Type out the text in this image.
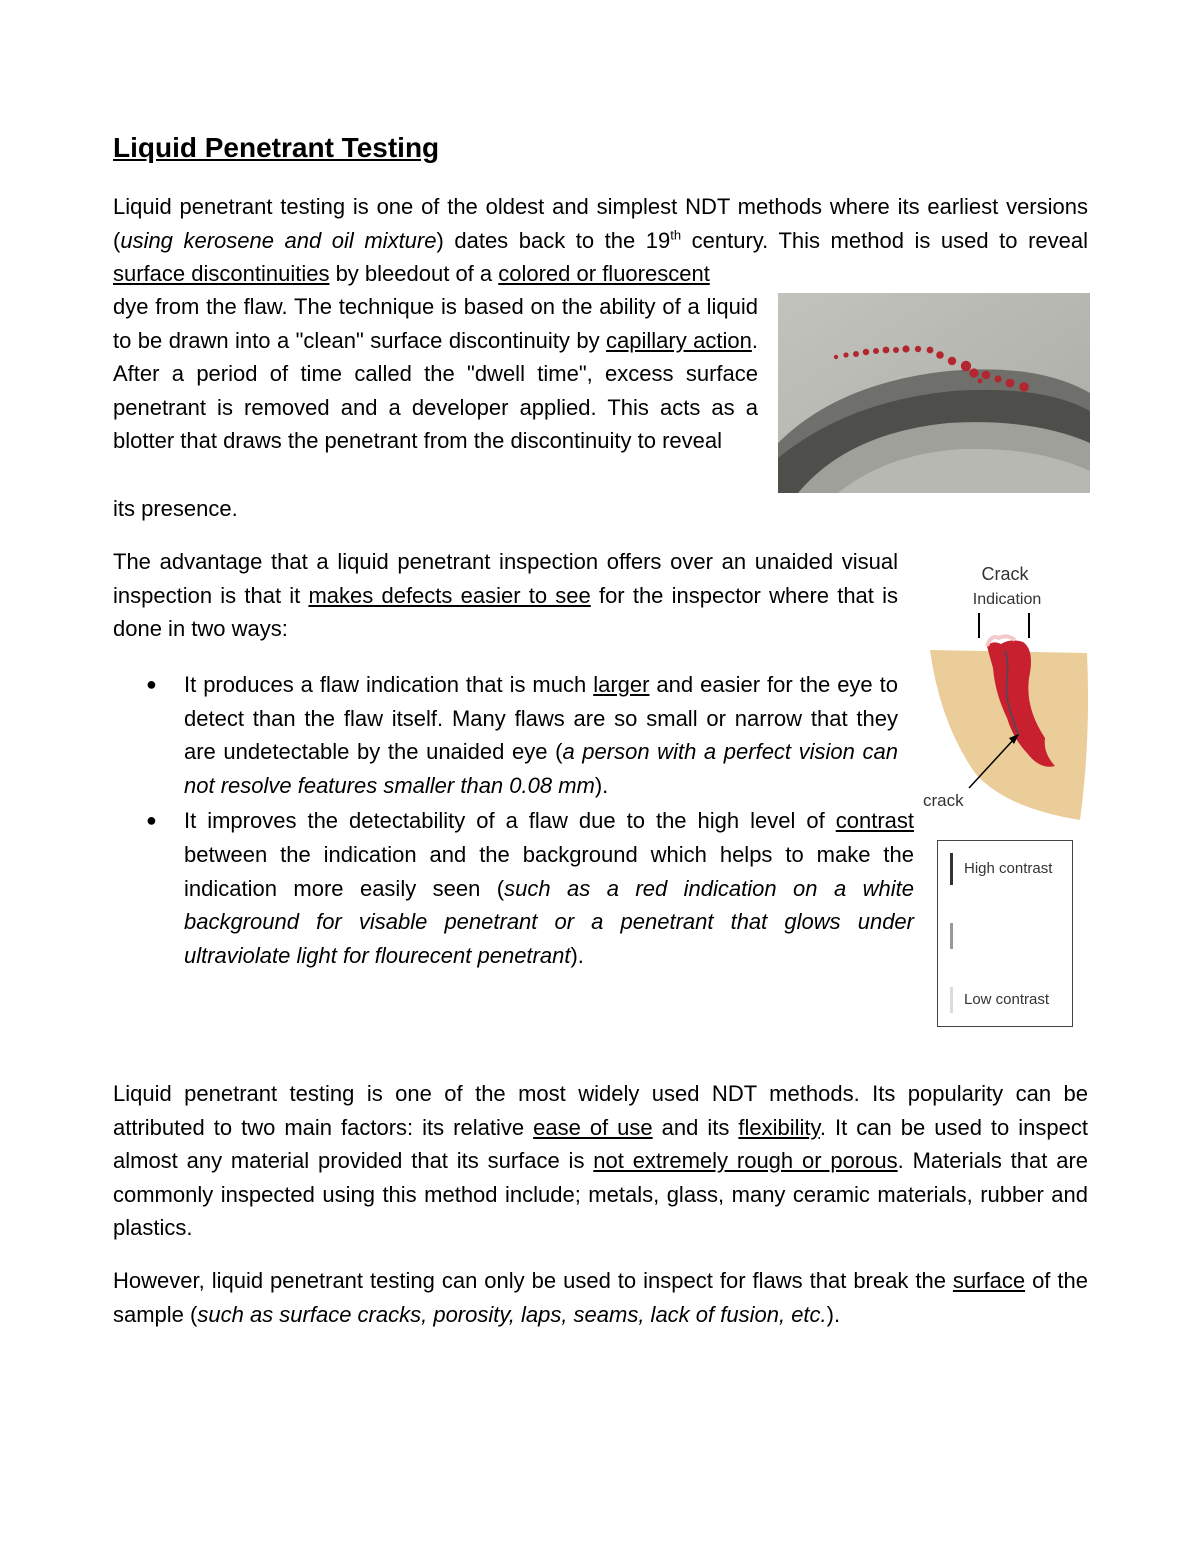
Liquid Penetrant Testing

Liquid penetrant testing is one of the oldest and simplest NDT methods where its earliest versions (using kerosene and oil mixture) dates back to the 19th century. This method is used to reveal surface discontinuities by bleedout of a colored or fluorescent

dye from the flaw. The technique is based on the ability of a liquid to be drawn into a "clean" surface discontinuity by capillary action. After a period of time called the "dwell time", excess surface penetrant is removed and a developer applied. This acts as a blotter that draws the penetrant from the discontinuity to reveal

its presence.

The advantage that a liquid penetrant inspection offers over an unaided visual inspection is that it makes defects easier to see for the inspector where that is done in two ways:

● It produces a flaw indication that is much larger and easier for the eye to detect than the flaw itself. Many flaws are so small or narrow that they are undetectable by the unaided eye (a person with a perfect vision can not resolve features smaller than 0.08 mm).
● It improves the detectability of a flaw due to the high level of contrast between the indication and the background which helps to make the indication more easily seen (such as a red indication on a white background for visable penetrant or a penetrant that glows under ultraviolate light for flourecent penetrant).
Crack
Indication
crack
High contrast
Low contrast

Liquid penetrant testing is one of the most widely used NDT methods. Its popularity can be attributed to two main factors: its relative ease of use and its flexibility. It can be used to inspect almost any material provided that its surface is not extremely rough or porous. Materials that are commonly inspected using this method include; metals, glass, many ceramic materials, rubber and plastics.

However, liquid penetrant testing can only be used to inspect for flaws that break the surface of the sample (such as surface cracks, porosity, laps, seams, lack of fusion, etc.).
